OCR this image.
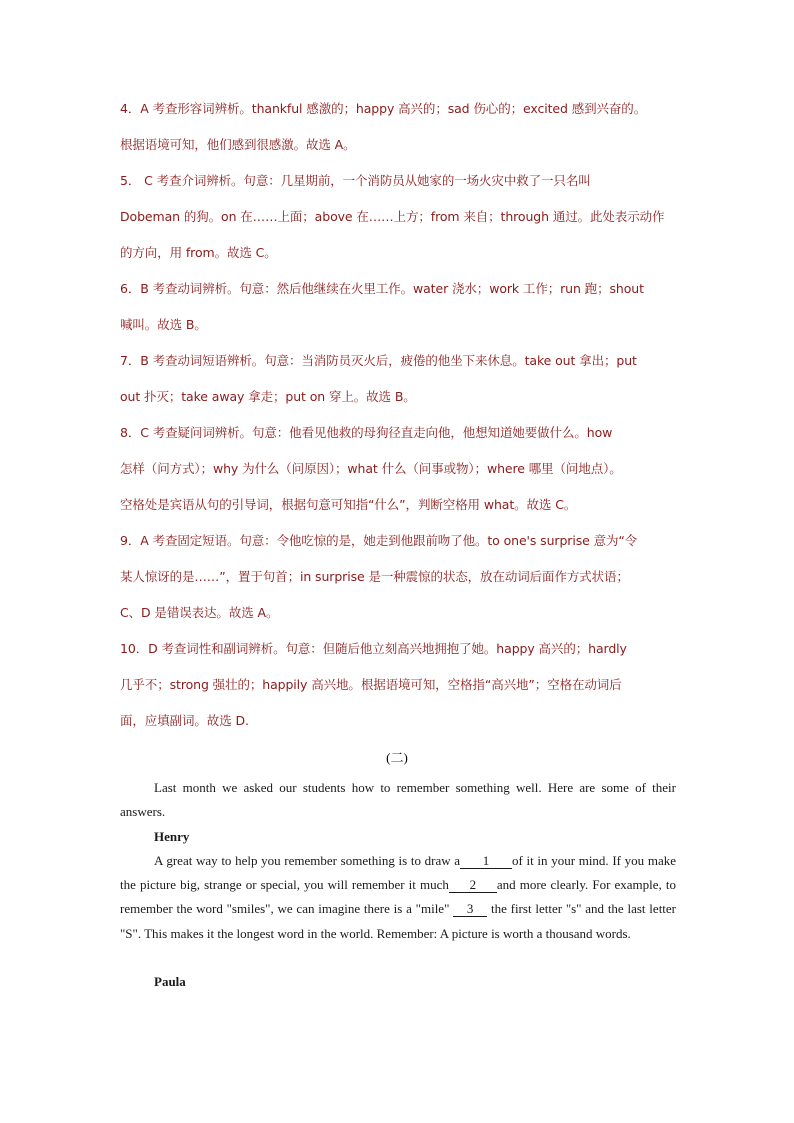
4．A 考查形容词辨析。thankful 感激的；happy 高兴的；sad 伤心的；excited 感到兴奋的。

根据语境可知，他们感到很感激。故选 A。

5． C 考查介词辨析。句意：几星期前，一个消防员从她家的一场火灾中救了一只名叫

Dobeman 的狗。on 在……上面；above 在……上方；from 来自；through 通过。此处表示动作

的方向，用 from。故选 C。

6．B 考查动词辨析。句意：然后他继续在火里工作。water 浇水；work 工作；run 跑；shout

喊叫。故选 B。

7．B 考查动词短语辨析。句意：当消防员灭火后，疲倦的他坐下来休息。take out 拿出；put

out 扑灭；take away 拿走；put on 穿上。故选 B。

8．C 考查疑问词辨析。句意：他看见他救的母狗径直走向他，他想知道她要做什么。how

怎样（问方式）；why 为什么（问原因）；what 什么（问事或物）；where 哪里（问地点）。

空格处是宾语从句的引导词，根据句意可知指“什么”，判断空格用 what。故选 C。

9．A 考查固定短语。句意：令他吃惊的是，她走到他跟前吻了他。to one's surprise 意为“令

某人惊讶的是……”，置于句首；in surprise 是一种震惊的状态，放在动词后面作方式状语；

C、D 是错误表达。故选 A。

10．D 考查词性和副词辨析。句意：但随后他立刻高兴地拥抱了她。happy 高兴的；hardly

几乎不；strong 强壮的；happily 高兴地。根据语境可知，空格指“高兴地”；空格在动词后

面，应填副词。故选 D.

(二)

Last month we asked our students how to remember something well. Here are some of their answers.

Henry

A great way to help you remember something is to draw a 1 of it in your mind. If you make the picture big, strange or special, you will remember it much 2 and more clearly. For example, to remember the word "smiles", we can imagine there is a "mile" 3 the first letter "s" and the last letter "S". This makes it the longest word in the world. Remember: A picture is worth a thousand words.

Paula
